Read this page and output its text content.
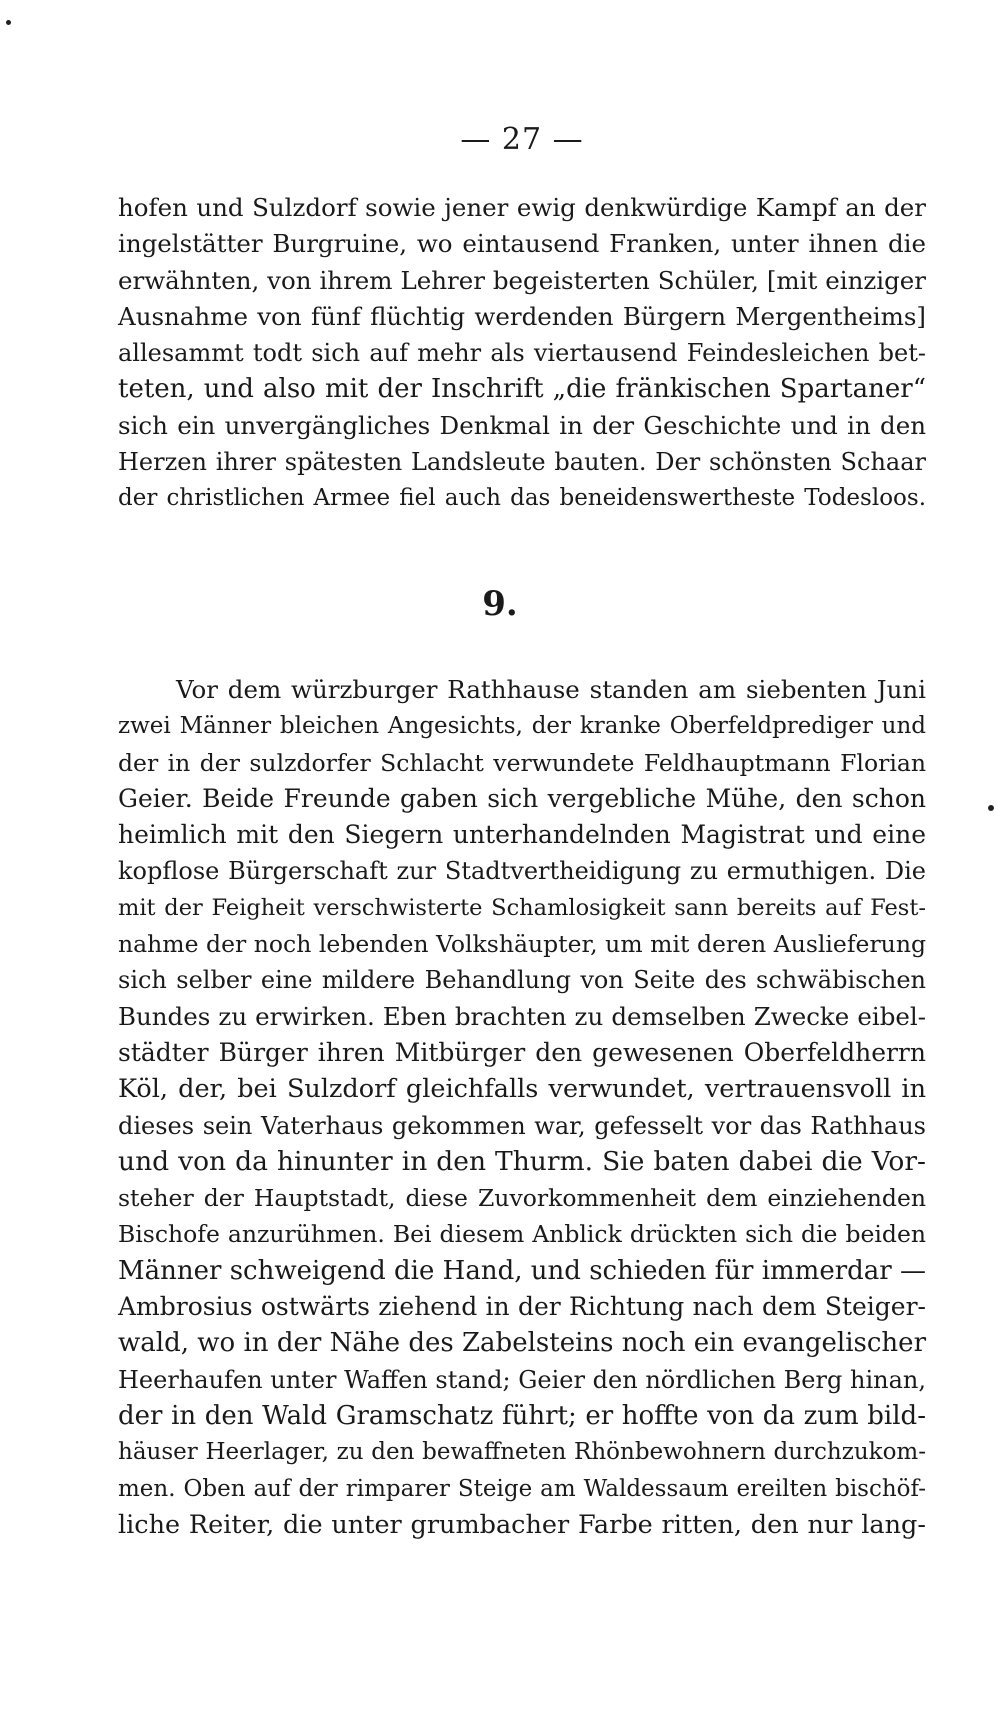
— 27 —
hofen und Sulzdorf sowie jener ewig denkwürdige Kampf an der
ingelstätter Burgruine, wo eintausend Franken, unter ihnen die
erwähnten, von ihrem Lehrer begeisterten Schüler, [mit einziger
Ausnahme von fünf flüchtig werdenden Bürgern Mergentheims]
allesammt todt sich auf mehr als viertausend Feindesleichen bet-
teten, und also mit der Inschrift „die fränkischen Spartaner“
sich ein unvergängliches Denkmal in der Geschichte und in den
Herzen ihrer spätesten Landsleute bauten. Der schönsten Schaar
der christlichen Armee fiel auch das beneidenswertheste Todesloos.
9.
Vor dem würzburger Rathhause standen am siebenten Juni
zwei Männer bleichen Angesichts, der kranke Oberfeldprediger und
der in der sulzdorfer Schlacht verwundete Feldhauptmann Florian
Geier. Beide Freunde gaben sich vergebliche Mühe, den schon
heimlich mit den Siegern unterhandelnden Magistrat und eine
kopflose Bürgerschaft zur Stadtvertheidigung zu ermuthigen. Die
mit der Feigheit verschwisterte Schamlosigkeit sann bereits auf Fest-
nahme der noch lebenden Volkshäupter, um mit deren Auslieferung
sich selber eine mildere Behandlung von Seite des schwäbischen
Bundes zu erwirken. Eben brachten zu demselben Zwecke eibel-
städter Bürger ihren Mitbürger den gewesenen Oberfeldherrn
Köl, der, bei Sulzdorf gleichfalls verwundet, vertrauensvoll in
dieses sein Vaterhaus gekommen war, gefesselt vor das Rathhaus
und von da hinunter in den Thurm. Sie baten dabei die Vor-
steher der Hauptstadt, diese Zuvorkommenheit dem einziehenden
Bischofe anzurühmen. Bei diesem Anblick drückten sich die beiden
Männer schweigend die Hand, und schieden für immerdar —
Ambrosius ostwärts ziehend in der Richtung nach dem Steiger-
wald, wo in der Nähe des Zabelsteins noch ein evangelischer
Heerhaufen unter Waffen stand; Geier den nördlichen Berg hinan,
der in den Wald Gramschatz führt; er hoffte von da zum bild-
häuser Heerlager, zu den bewaffneten Rhönbewohnern durchzukom-
men. Oben auf der rimparer Steige am Waldessaum ereilten bischöf-
liche Reiter, die unter grumbacher Farbe ritten, den nur lang-
